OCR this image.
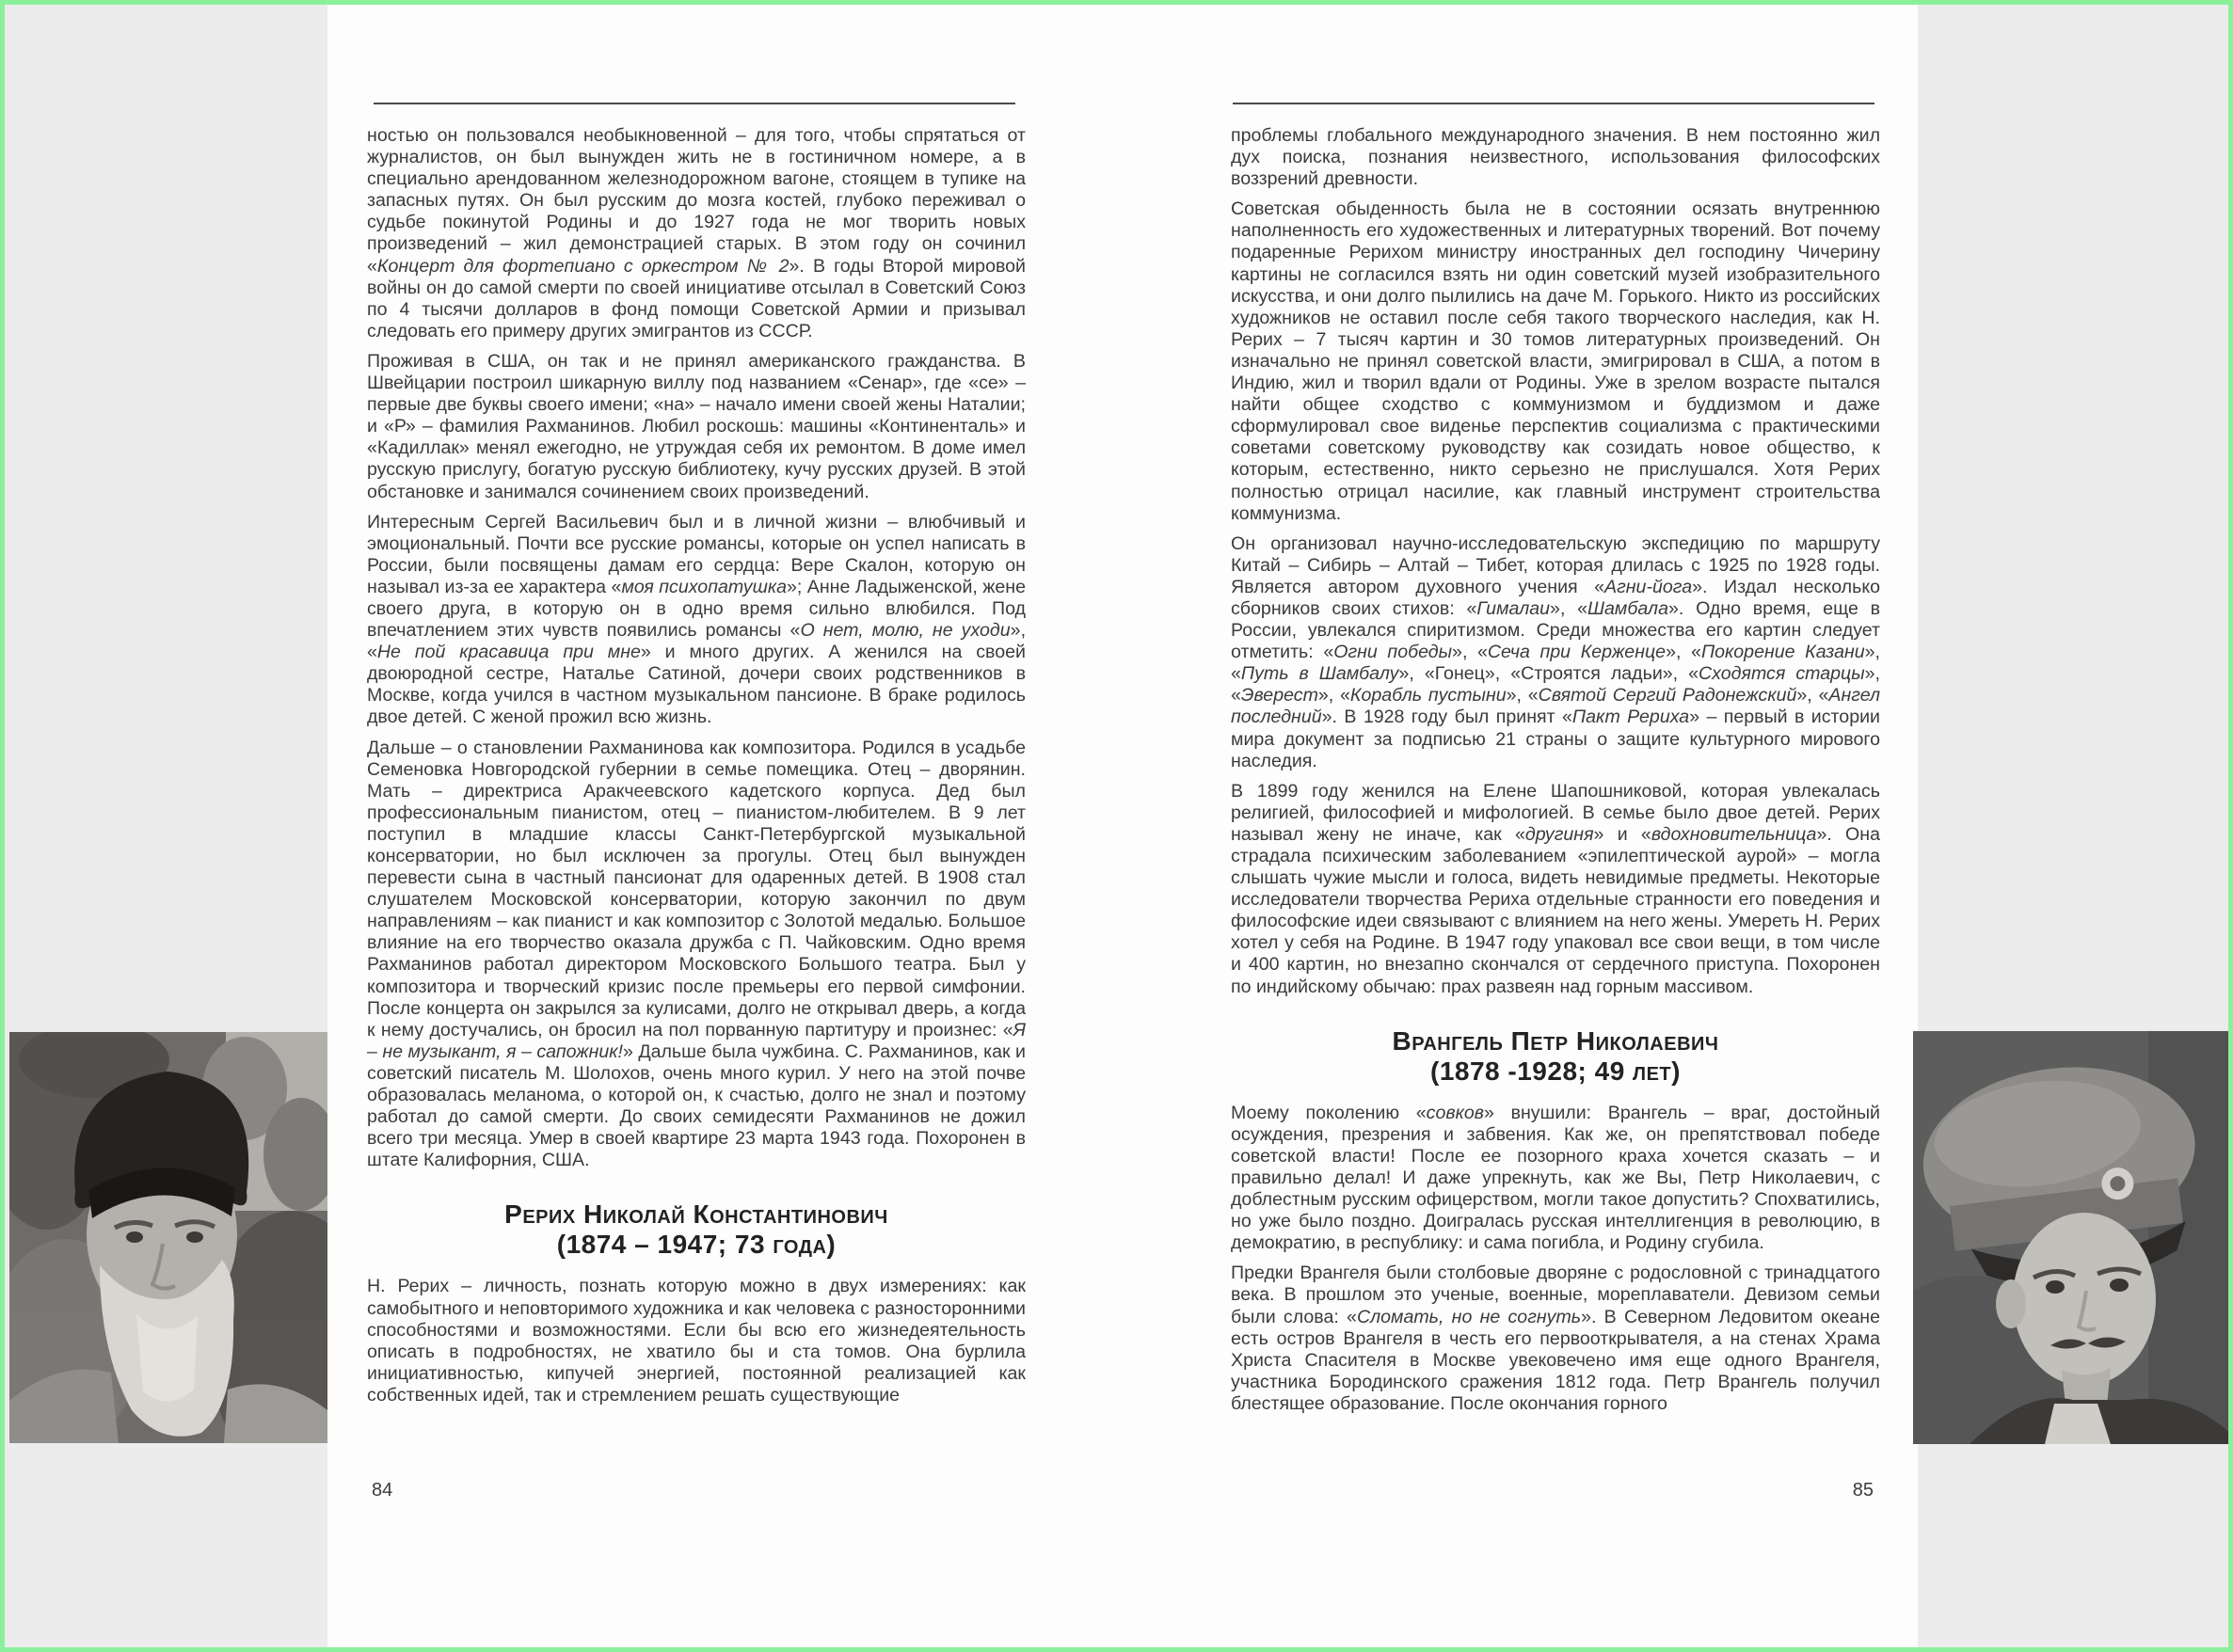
ностью он пользовался необыкновенной – для того, чтобы спрятаться от журналистов, он был вынужден жить не в гостиничном номере, а в специально арендованном железнодорожном вагоне, стоящем в тупике на запасных путях. Он был русским до мозга костей, глубоко переживал о судьбе покинутой Родины и до 1927 года не мог творить новых произведений – жил демонстрацией старых. В этом году он сочинил «Концерт для фортепиано с оркестром № 2». В годы Второй мировой войны он до самой смерти по своей инициативе отсылал в Советский Союз по 4 тысячи долларов в фонд помощи Советской Армии и призывал следовать его примеру других эмигрантов из СССР.

Проживая в США, он так и не принял американского гражданства. В Швейцарии построил шикарную виллу под названием «Сенар», где «се» – первые две буквы своего имени; «на» – начало имени своей жены Наталии; и «Р» – фамилия Рахманинов. Любил роскошь: машины «Континенталь» и «Кадиллак» менял ежегодно, не утруждая себя их ремонтом. В доме имел русскую прислугу, богатую русскую библиотеку, кучу русских друзей. В этой обстановке и занимался сочинением своих произведений.

Интересным Сергей Васильевич был и в личной жизни – влюбчивый и эмоциональный. Почти все русские романсы, которые он успел написать в России, были посвящены дамам его сердца: Вере Скалон, которую он называл из-за ее характера «моя психопатушка»; Анне Ладыженской, жене своего друга, в которую он в одно время сильно влюбился. Под впечатлением этих чувств появились романсы «О нет, молю, не уходи», «Не пой красавица при мне» и много других. А женился на своей двоюродной сестре, Наталье Сатиной, дочери своих родственников в Москве, когда учился в частном музыкальном пансионе. В браке родилось двое детей. С женой прожил всю жизнь.

Дальше – о становлении Рахманинова как композитора. Родился в усадьбе Семеновка Новгородской губернии в семье помещика. Отец – дворянин. Мать – директриса Аракчеевского кадетского корпуса. Дед был профессиональным пианистом, отец – пианистом-любителем. В 9 лет поступил в младшие классы Санкт-Петербургской музыкальной консерватории, но был исключен за прогулы. Отец был вынужден перевести сына в частный пансионат для одаренных детей. В 1908 стал слушателем Московской консерватории, которую закончил по двум направлениям – как пианист и как композитор с Золотой медалью. Большое влияние на его творчество оказала дружба с П. Чайковским. Одно время Рахманинов работал директором Московского Большого театра. Был у композитора и творческий кризис после премьеры его первой симфонии. После концерта он закрылся за кулисами, долго не открывал дверь, а когда к нему достучались, он бросил на пол порванную партитуру и произнес: «Я – не музыкант, я – сапожник!» Дальше была чужбина. С. Рахманинов, как и советский писатель М. Шолохов, очень много курил. У него на этой почве образовалась меланома, о которой он, к счастью, долго не знал и поэтому работал до самой смерти. До своих семидесяти Рахманинов не дожил всего три месяца. Умер в своей квартире 23 марта 1943 года. Похоронен в штате Калифорния, США.

Рерих Николай Константинович
(1874 – 1947; 73 года)

Н. Рерих – личность, познать которую можно в двух измерениях: как самобытного и неповторимого художника и как человека с разносторонними способностями и возможностями. Если бы всю его жизнедеятельность описать в подробностях, не хватило бы и ста томов. Она бурлила инициативностью, кипучей энергией, постоянной реализацией как собственных идей, так и стремлением решать существующие

84

проблемы глобального международного значения. В нем постоянно жил дух поиска, познания неизвестного, использования философских воззрений древности.

Советская обыденность была не в состоянии осязать внутреннюю наполненность его художественных и литературных творений. Вот почему подаренные Рерихом министру иностранных дел господину Чичерину картины не согласился взять ни один советский музей изобразительного искусства, и они долго пылились на даче М. Горького. Никто из российских художников не оставил после себя такого творческого наследия, как Н. Рерих – 7 тысяч картин и 30 томов литературных произведений. Он изначально не принял советской власти, эмигрировал в США, а потом в Индию, жил и творил вдали от Родины. Уже в зрелом возрасте пытался найти общее сходство с коммунизмом и буддизмом и даже сформулировал свое виденье перспектив социализма с практическими советами советскому руководству как созидать новое общество, к которым, естественно, никто серьезно не прислушался. Хотя Рерих полностью отрицал насилие, как главный инструмент строительства коммунизма.

Он организовал научно-исследовательскую экспедицию по маршруту Китай – Сибирь – Алтай – Тибет, которая длилась с 1925 по 1928 годы. Является автором духовного учения «Агни-йога». Издал несколько сборников своих стихов: «Гималаи», «Шамбала». Одно время, еще в России, увлекался спиритизмом. Среди множества его картин следует отметить: «Огни победы», «Сеча при Керженце», «Покорение Казани», «Путь в Шамбалу», «Гонец», «Строятся ладьи», «Сходятся старцы», «Эверест», «Корабль пустыни», «Святой Сергий Радонежский», «Ангел последний». В 1928 году был принят «Пакт Рериха» – первый в истории мира документ за подписью 21 страны о защите культурного мирового наследия.

В 1899 году женился на Елене Шапошниковой, которая увлекалась религией, философией и мифологией. В семье было двое детей. Рерих называл жену не иначе, как «другиня» и «вдохновительница». Она страдала психическим заболеванием «эпилептической аурой» – могла слышать чужие мысли и голоса, видеть невидимые предметы. Некоторые исследователи творчества Рериха отдельные странности его поведения и философские идеи связывают с влиянием на него жены. Умереть Н. Рерих хотел у себя на Родине. В 1947 году упаковал все свои вещи, в том числе и 400 картин, но внезапно скончался от сердечного приступа. Похоронен по индийскому обычаю: прах развеян над горным массивом.

Врангель Петр Николаевич
(1878 -1928; 49 лет)

Моему поколению «совков» внушили: Врангель – враг, достойный осуждения, презрения и забвения. Как же, он препятствовал победе советской власти! После ее позорного краха хочется сказать – и правильно делал! И даже упрекнуть, как же Вы, Петр Николаевич, с доблестным русским офицерством, могли такое допустить? Спохватились, но уже было поздно. Доигралась русская интеллигенция в революцию, в демократию, в республику: и сама погибла, и Родину сгубила.

Предки Врангеля были столбовые дворяне с родословной с тринадцатого века. В прошлом это ученые, военные, мореплаватели. Девизом семьи были слова: «Сломать, но не согнуть». В Северном Ледовитом океане есть остров Врангеля в честь его первооткрывателя, а на стенах Храма Христа Спасителя в Москве увековечено имя еще одного Врангеля, участника Бородинского сражения 1812 года. Петр Врангель получил блестящее образование. После окончания горного

85
